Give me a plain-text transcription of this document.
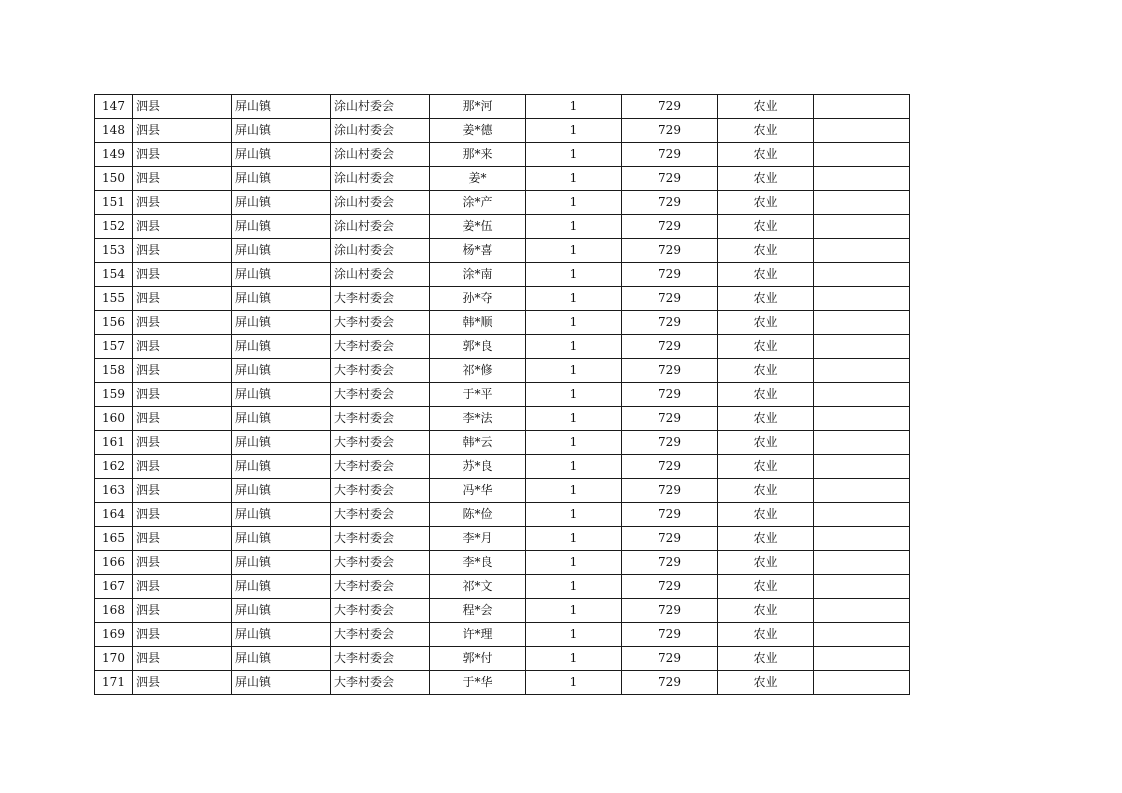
147	泗县	屏山镇	涂山村委会	那*河	1	729	农业	
148	泗县	屏山镇	涂山村委会	姜*德	1	729	农业	
149	泗县	屏山镇	涂山村委会	那*来	1	729	农业	
150	泗县	屏山镇	涂山村委会	姜*	1	729	农业	
151	泗县	屏山镇	涂山村委会	涂*产	1	729	农业	
152	泗县	屏山镇	涂山村委会	姜*伍	1	729	农业	
153	泗县	屏山镇	涂山村委会	杨*喜	1	729	农业	
154	泗县	屏山镇	涂山村委会	涂*南	1	729	农业	
155	泗县	屏山镇	大李村委会	孙*夺	1	729	农业	
156	泗县	屏山镇	大李村委会	韩*顺	1	729	农业	
157	泗县	屏山镇	大李村委会	郭*良	1	729	农业	
158	泗县	屏山镇	大李村委会	祁*修	1	729	农业	
159	泗县	屏山镇	大李村委会	于*平	1	729	农业	
160	泗县	屏山镇	大李村委会	李*法	1	729	农业	
161	泗县	屏山镇	大李村委会	韩*云	1	729	农业	
162	泗县	屏山镇	大李村委会	苏*良	1	729	农业	
163	泗县	屏山镇	大李村委会	冯*华	1	729	农业	
164	泗县	屏山镇	大李村委会	陈*俭	1	729	农业	
165	泗县	屏山镇	大李村委会	李*月	1	729	农业	
166	泗县	屏山镇	大李村委会	李*良	1	729	农业	
167	泗县	屏山镇	大李村委会	祁*文	1	729	农业	
168	泗县	屏山镇	大李村委会	程*会	1	729	农业	
169	泗县	屏山镇	大李村委会	许*理	1	729	农业	
170	泗县	屏山镇	大李村委会	郭*付	1	729	农业	
171	泗县	屏山镇	大李村委会	于*华	1	729	农业	
